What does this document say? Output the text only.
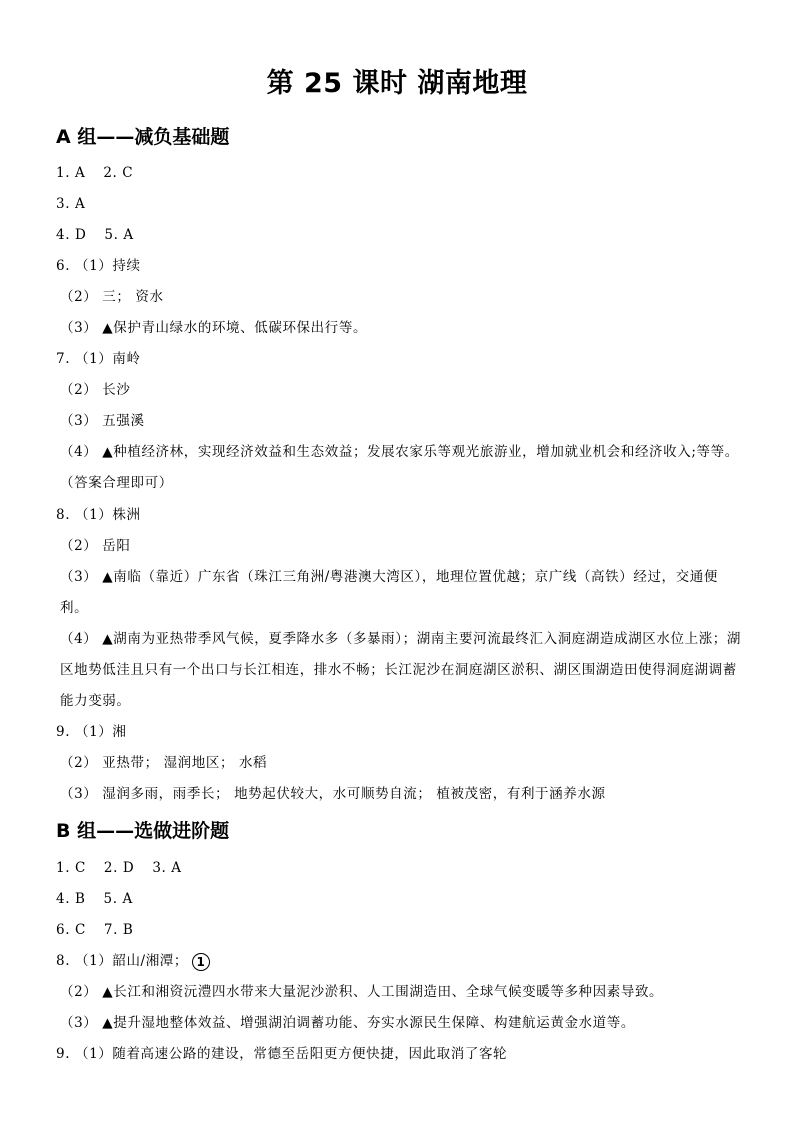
第 25 课时 湖南地理
A 组——减负基础题
1. A 2. C
3. A
4. D 5. A
6. （1）持续
（2） 三； 资水
（3） ▲保护青山绿水的环境、低碳环保出行等。
7. （1）南岭
（2） 长沙
（3） 五强溪
（4） ▲种植经济林，实现经济效益和生态效益；发展农家乐等观光旅游业，增加就业机会和经济收入;等等。（答案合理即可）
8. （1）株洲
（2） 岳阳
（3） ▲南临（靠近）广东省（珠江三角洲/粤港澳大湾区），地理位置优越；京广线（高铁）经过，交通便利。
（4） ▲湖南为亚热带季风气候，夏季降水多（多暴雨）；湖南主要河流最终汇入洞庭湖造成湖区水位上涨；湖区地势低洼且只有一个出口与长江相连，排水不畅；长江泥沙在洞庭湖区淤积、湖区围湖造田使得洞庭湖调蓄能力变弱。
9. （1）湘
（2） 亚热带； 湿润地区； 水稻
（3） 湿润多雨，雨季长； 地势起伏较大，水可顺势自流； 植被茂密，有利于涵养水源
B 组——选做进阶题
1. C 2. D 3. A
4. B 5. A
6. C 7. B
8. （1）韶山/湘潭； 1
（2） ▲长江和湘资沅澧四水带来大量泥沙淤积、人工围湖造田、全球气候变暖等多种因素导致。
（3） ▲提升湿地整体效益、增强湖泊调蓄功能、夯实水源民生保障、构建航运黄金水道等。
9. （1）随着高速公路的建设，常德至岳阳更方便快捷，因此取消了客轮
